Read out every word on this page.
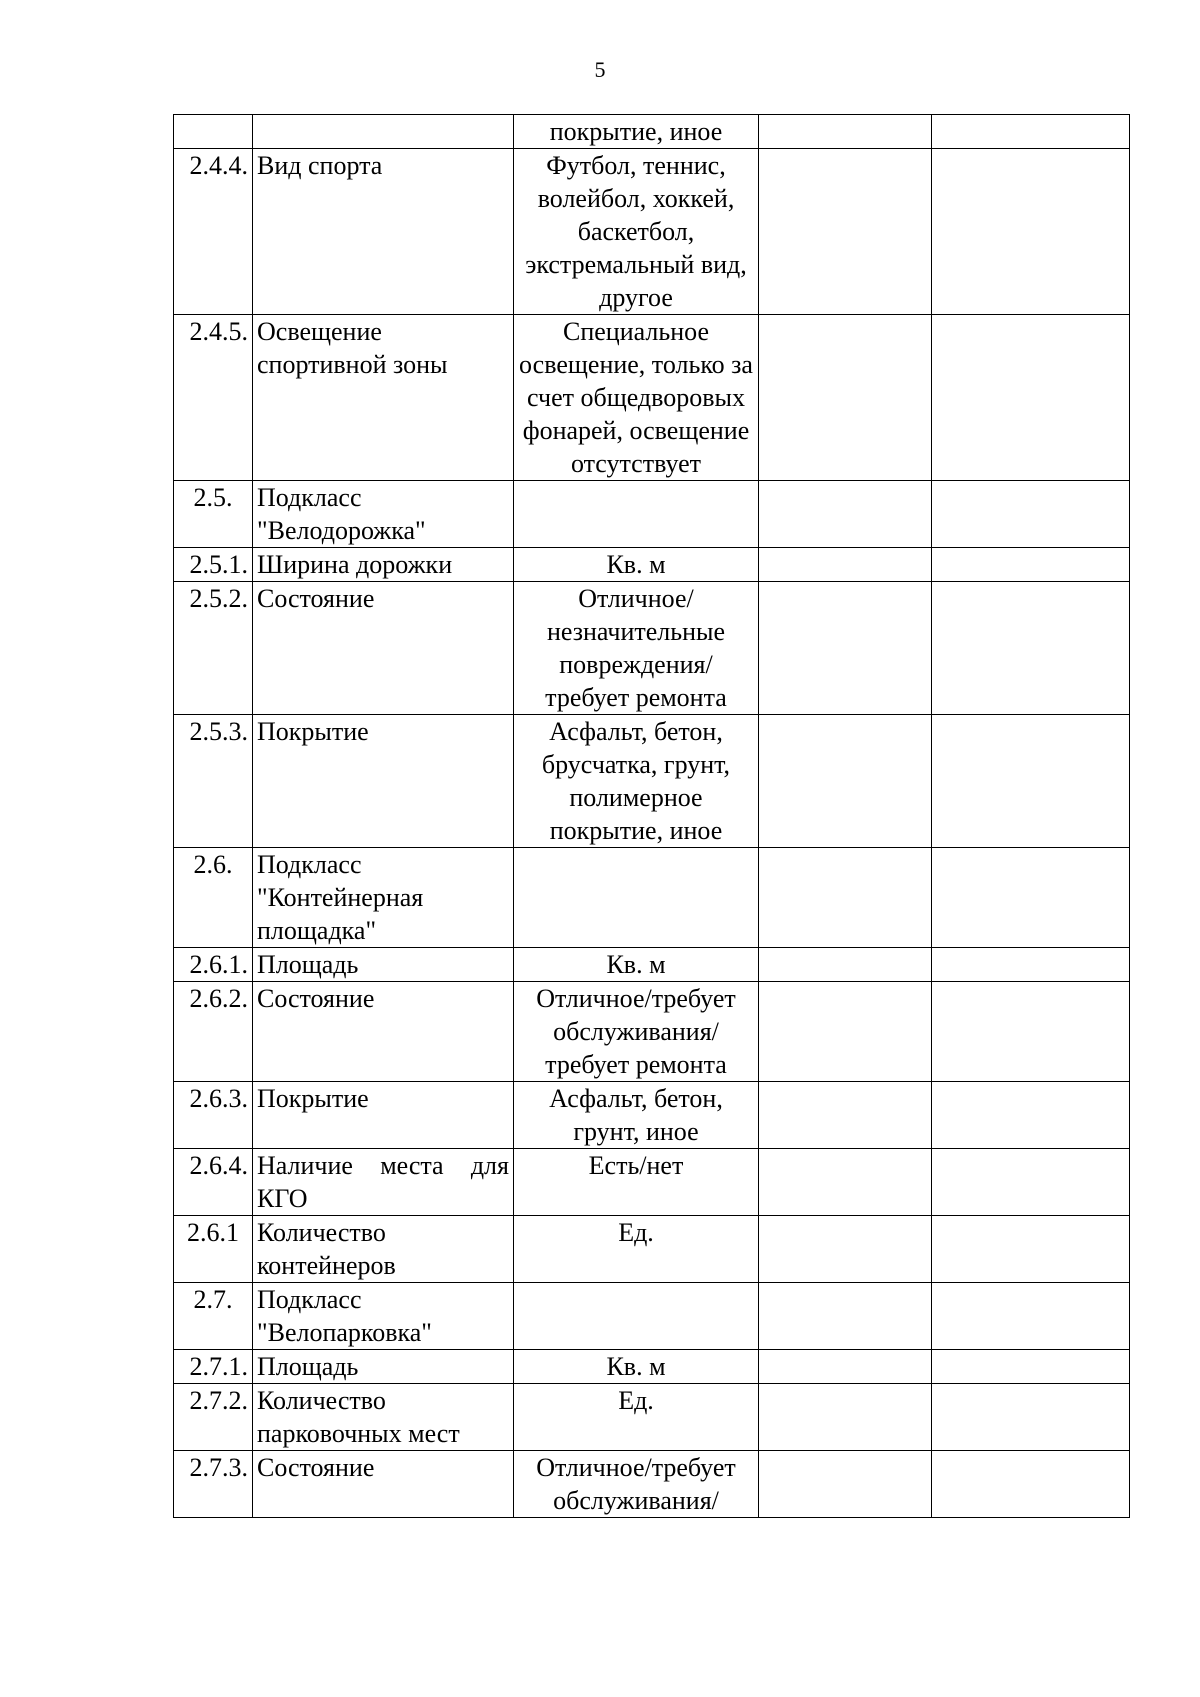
5
		покрытие, иное		
2.4.4.	Вид спорта	Футбол, теннис, волейбол, хоккей, баскетбол, экстремальный вид, другое		
2.4.5.	Освещение спортивной зоны	Специальное освещение, только за счет общедворовых фонарей, освещение отсутствует		
2.5.	Подкласс "Велодорожка"			
2.5.1.	Ширина дорожки	Кв. м		
2.5.2.	Состояние	Отличное/ незначительные повреждения/ требует ремонта		
2.5.3.	Покрытие	Асфальт, бетон, брусчатка, грунт, полимерное покрытие, иное		
2.6.	Подкласс "Контейнерная площадка"			
2.6.1.	Площадь	Кв. м		
2.6.2.	Состояние	Отличное/требует обслуживания/ требует ремонта		
2.6.3.	Покрытие	Асфальт, бетон, грунт, иное		
2.6.4.	Наличие места для КГО	Есть/нет		
2.6.1	Количество контейнеров	Ед.		
2.7.	Подкласс "Велопарковка"			
2.7.1.	Площадь	Кв. м		
2.7.2.	Количество парковочных мест	Ед.		
2.7.3.	Состояние	Отличное/требует обслуживания/		
